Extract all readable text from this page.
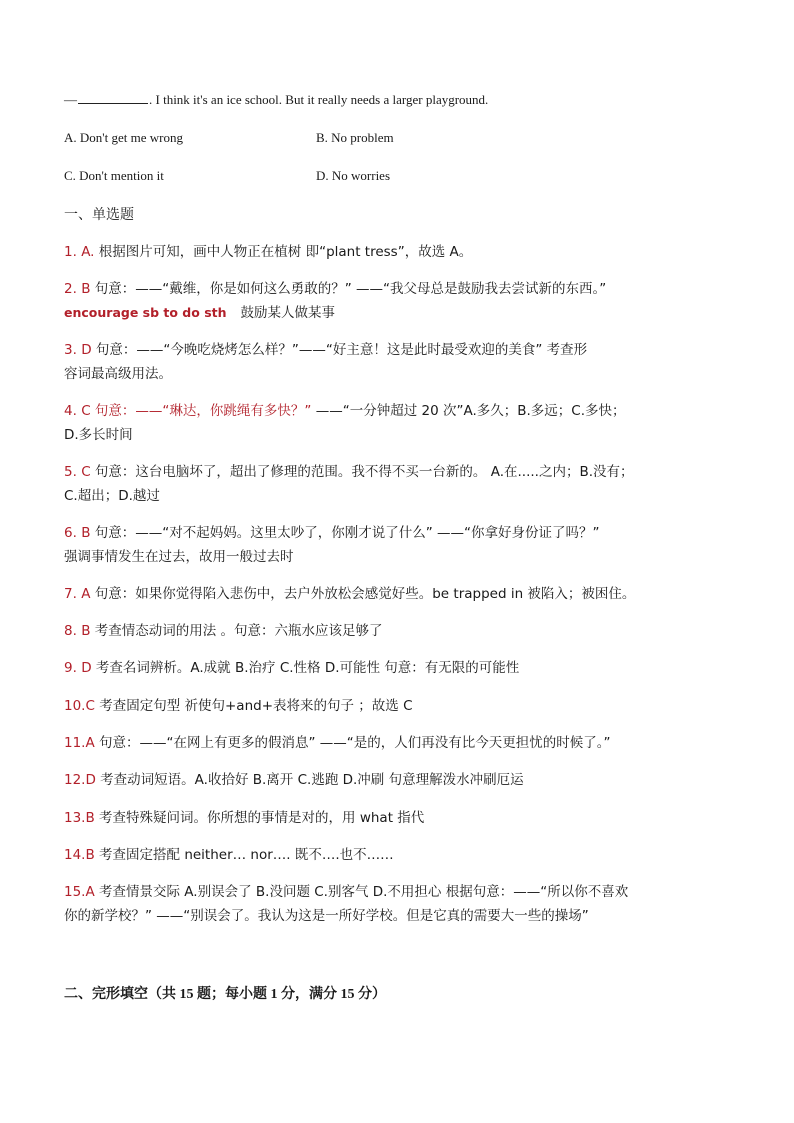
—	. I think it's an ice school. But it really needs a larger playground.
A. Don't get me wrong	B. No problem
C. Don't mention it	D. No worries
一、单选题
1. A. 根据图片可知，画中人物正在植树 即“plant tress”，故选 A。
2. B 句意：——“戴维，你是如何这么勇敢的？” ——“我父母总是鼓励我去尝试新的东西。”
encourage sb to do sth 鼓励某人做某事
3. D 句意：——“今晚吃烧烤怎么样？”——“好主意！这是此时最受欢迎的美食” 考查形
容词最高级用法。
4. C 句意：——“琳达，你跳绳有多快？” ——“一分钟超过 20 次”A.多久；B.多远；C.多快；
D.多长时间
5. C 句意：这台电脑坏了，超出了修理的范围。我不得不买一台新的。 A.在.....之内；B.没有；
C.超出；D.越过
6. B 句意：——“对不起妈妈。这里太吵了，你刚才说了什么” ——“你拿好身份证了吗？”
强调事情发生在过去，故用一般过去时
7. A 句意：如果你觉得陷入悲伤中，去户外放松会感觉好些。be trapped in 被陷入；被困住。
8. B 考查情态动词的用法 。句意：六瓶水应该足够了
9. D 考查名词辨析。A.成就 B.治疗 C.性格 D.可能性 句意：有无限的可能性
10.C 考查固定句型 祈使句+and+表将来的句子 ；故选 C
11.A 句意：——“在网上有更多的假消息” ——“是的，人们再没有比今天更担忧的时候了。”
12.D 考查动词短语。A.收拾好 B.离开 C.逃跑 D.冲刷 句意理解泼水冲刷厄运
13.B 考查特殊疑问词。你所想的事情是对的，用 what 指代
14.B 考查固定搭配 neither… nor…. 既不….也不……
15.A 考查情景交际 A.别误会了 B.没问题 C.别客气 D.不用担心 根据句意：——“所以你不喜欢
你的新学校？” ——“别误会了。我认为这是一所好学校。但是它真的需要大一些的操场”
二、完形填空（共 15 题；每小题 1 分，满分 15 分）
